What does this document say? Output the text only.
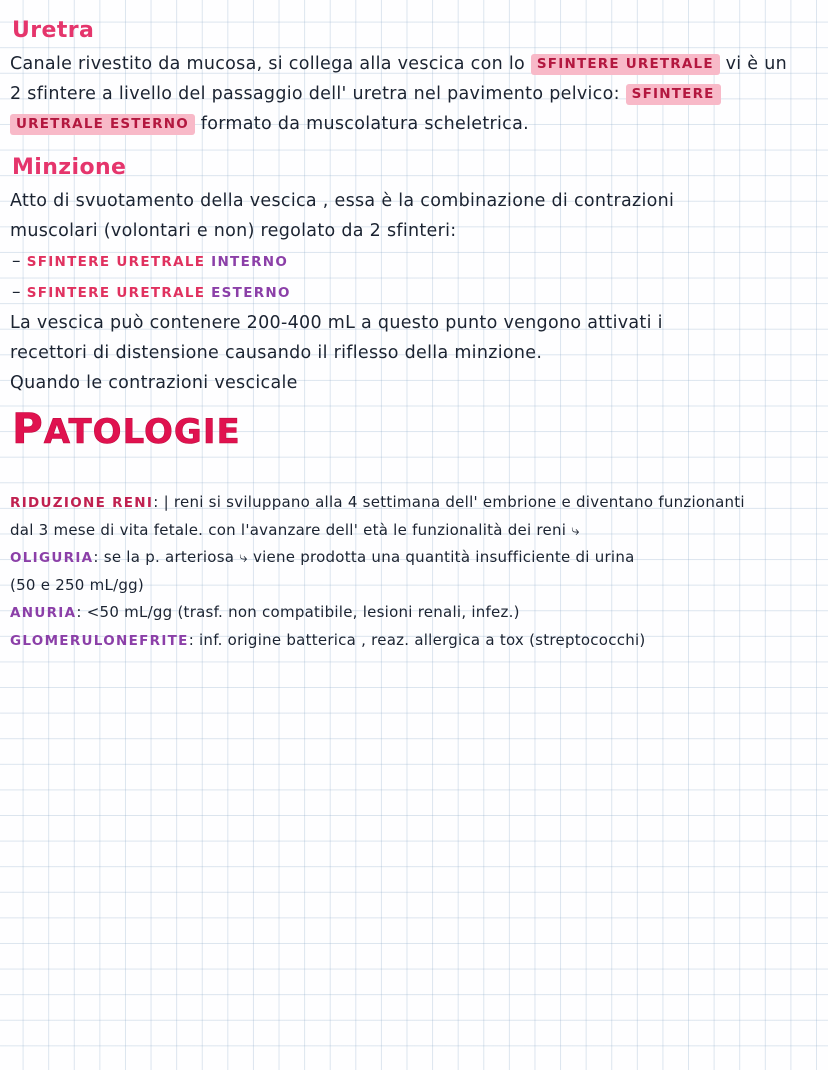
Uretra
Canale rivestito da mucosa, si collega alla vescica con lo SFINTERE URETRALE vi è un
2 sfintere a livello del passaggio dell' uretra nel pavimento pelvico: SFINTERE
URETRALE ESTERNO formato da muscolatura scheletrica.
Minzione
Atto di svuotamento della vescica , essa è la combinazione di contrazioni
muscolari (volontari e non) regolato da 2 sfinteri:
– SFINTERE URETRALE INTERNO
– SFINTERE URETRALE ESTERNO
La vescica può contenere 200-400 mL a questo punto vengono attivati i
recettori di distensione causando il riflesso della minzione.
Quando le contrazioni vescicale
PATOLOGIE
RIDUZIONE RENI: | reni si sviluppano alla 4 settimana dell' embrione e diventano funzionanti
dal 3 mese di vita fetale. con l'avanzare dell' età le funzionalità dei reni ⤷
OLIGURIA: se la p. arteriosa ⤷ viene prodotta una quantità insufficiente di urina
(50 e 250 mL/gg)
ANURIA: <50 mL/gg (trasf. non compatibile, lesioni renali, infez.)
GLOMERULONEFRITE: inf. origine batterica , reaz. allergica a tox (streptococchi)
